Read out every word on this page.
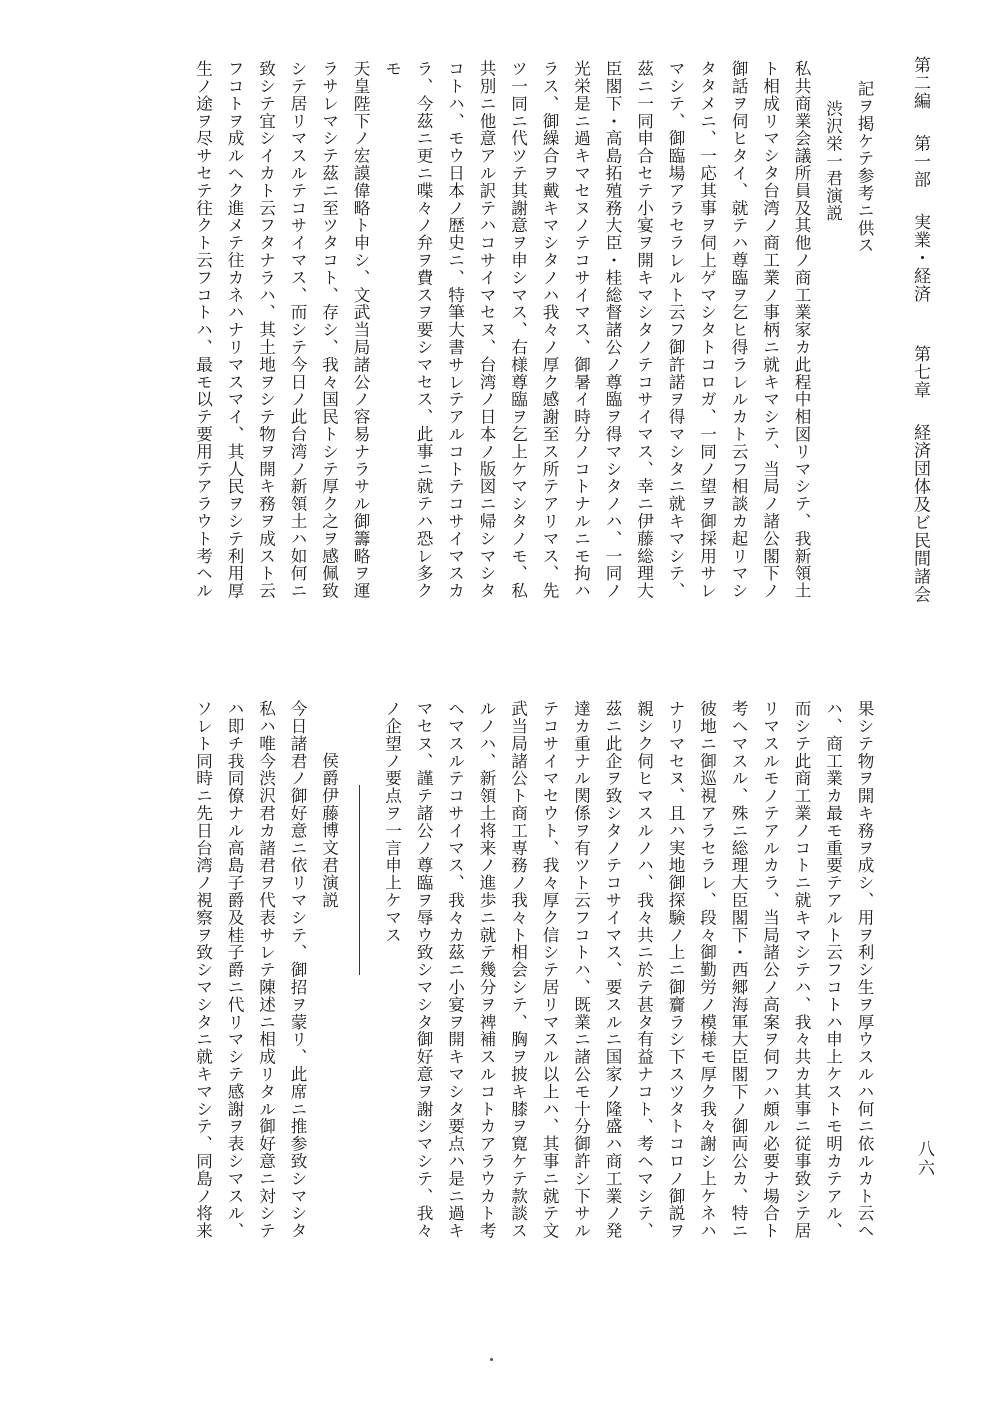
第二編 第一部 実業・経済 第七章 経済団体及ビ民間諸会
八六

記ヲ掲ケテ参考ニ供ス

渋沢栄一君演説

私共商業会議所員及其他ノ商工業家カ此程中相図リマシテ、我新領土

ト相成リマシタ台湾ノ商工業ノ事柄ニ就キマシテ、当局ノ諸公閣下ノ

御話ヲ伺ヒタイ、就テハ尊臨ヲ乞ヒ得ラレルカト云フ相談カ起リマシ

タタメニ、一応其事ヲ伺上ゲマシタトコロガ、一同ノ望ヲ御採用サレ

マシテ、御臨場アラセラレルト云フ御許諾ヲ得マシタニ就キマシテ、

茲ニ一同申合セテ小宴ヲ開キマシタノテコサイマス、幸ニ伊藤総理大

臣閣下・高島拓殖務大臣・桂総督諸公ノ尊臨ヲ得マシタノハ、一同ノ

光栄是ニ過キマセヌノテコサイマス、御暑イ時分ノコトナルニモ拘ハ

ラス、御繰合ヲ戴キマシタノハ我々ノ厚ク感謝至ス所テアリマス、先

ツ一同ニ代ツテ其謝意ヲ申シマス、右様尊臨ヲ乞上ケマシタノモ、私

共別ニ他意アル訳テハコサイマセヌ、台湾ノ日本ノ版図ニ帰シマシタ

コトハ、モウ日本ノ歴史ニ、特筆大書サレテアルコトテコサイマスカ

ラ、今茲ニ更ニ喋々ノ弁ヲ費スヲ要シマセス、此事ニ就テハ恐レ多ク

モ

天皇陛下ノ宏謨偉略ト申シ、文武当局諸公ノ容易ナラサル御籌略ヲ運

ラサレマシテ茲ニ至ツタコト、存シ、我々国民トシテ厚ク之ヲ感佩致

シテ居リマスルテコサイマス、而シテ今日ノ此台湾ノ新領土ハ如何ニ

致シテ宜シイカト云フタナラハ、其土地ヲシテ物ヲ開キ務ヲ成スト云

フコトヲ成ルヘク進メテ往カネハナリマスマイ、其人民ヲシテ利用厚

生ノ途ヲ尽サセテ往クト云フコトハ、最モ以テ要用テアラウト考ヘル

果シテ物ヲ開キ務ヲ成シ、用ヲ利シ生ヲ厚ウスルハ何ニ依ルカト云ヘ

ハ、商工業カ最モ重要テアルト云フコトハ申上ケストモ明カテアル、

而シテ此商工業ノコトニ就キマシテハ、我々共カ其事ニ従事致シテ居

リマスルモノテアルカラ、当局諸公ノ高案ヲ伺フハ頗ル必要ナ場合ト

考ヘマスル、殊ニ総理大臣閣下・西郷海軍大臣閣下ノ御両公カ、特ニ

彼地ニ御巡視アラセラレ、段々御勤労ノ模様モ厚ク我々謝シ上ケネハ

ナリマセヌ、且ハ実地御探験ノ上ニ御齎ラシ下スツタトコロノ御説ヲ

親シク伺ヒマスルノハ、我々共ニ於テ甚タ有益ナコト、考ヘマシテ、

茲ニ此企ヲ致シタノテコサイマス、要スルニ国家ノ隆盛ハ商工業ノ発

達カ重ナル関係ヲ有ツト云フコトハ、既業ニ諸公モ十分御許シ下サル

テコサイマセウト、我々厚ク信シテ居リマスル以上ハ、其事ニ就テ文

武当局諸公ト商工専務ノ我々ト相会シテ、胸ヲ披キ膝ヲ寛ケテ款談ス

ルノハ、新領土将来ノ進歩ニ就テ幾分ヲ裨補スルコトカアラウカト考

ヘマスルテコサイマス、我々カ茲ニ小宴ヲ開キマシタ要点ハ是ニ過キ

マセヌ、謹テ諸公ノ尊臨ヲ辱ウ致シマシタ御好意ヲ謝シマシテ、我々

ノ企望ノ要点ヲ一言申上ケマス

侯爵伊藤博文君演説

今日諸君ノ御好意ニ依リマシテ、御招ヲ蒙リ、此席ニ推参致シマシタ

私ハ唯今渋沢君カ諸君ヲ代表サレテ陳述ニ相成リタル御好意ニ対シテ

ハ即チ我同僚ナル高島子爵及桂子爵ニ代リマシテ感謝ヲ表シマスル、

ソレト同時ニ先日台湾ノ視察ヲ致シマシタニ就キマシテ、同島ノ将来
